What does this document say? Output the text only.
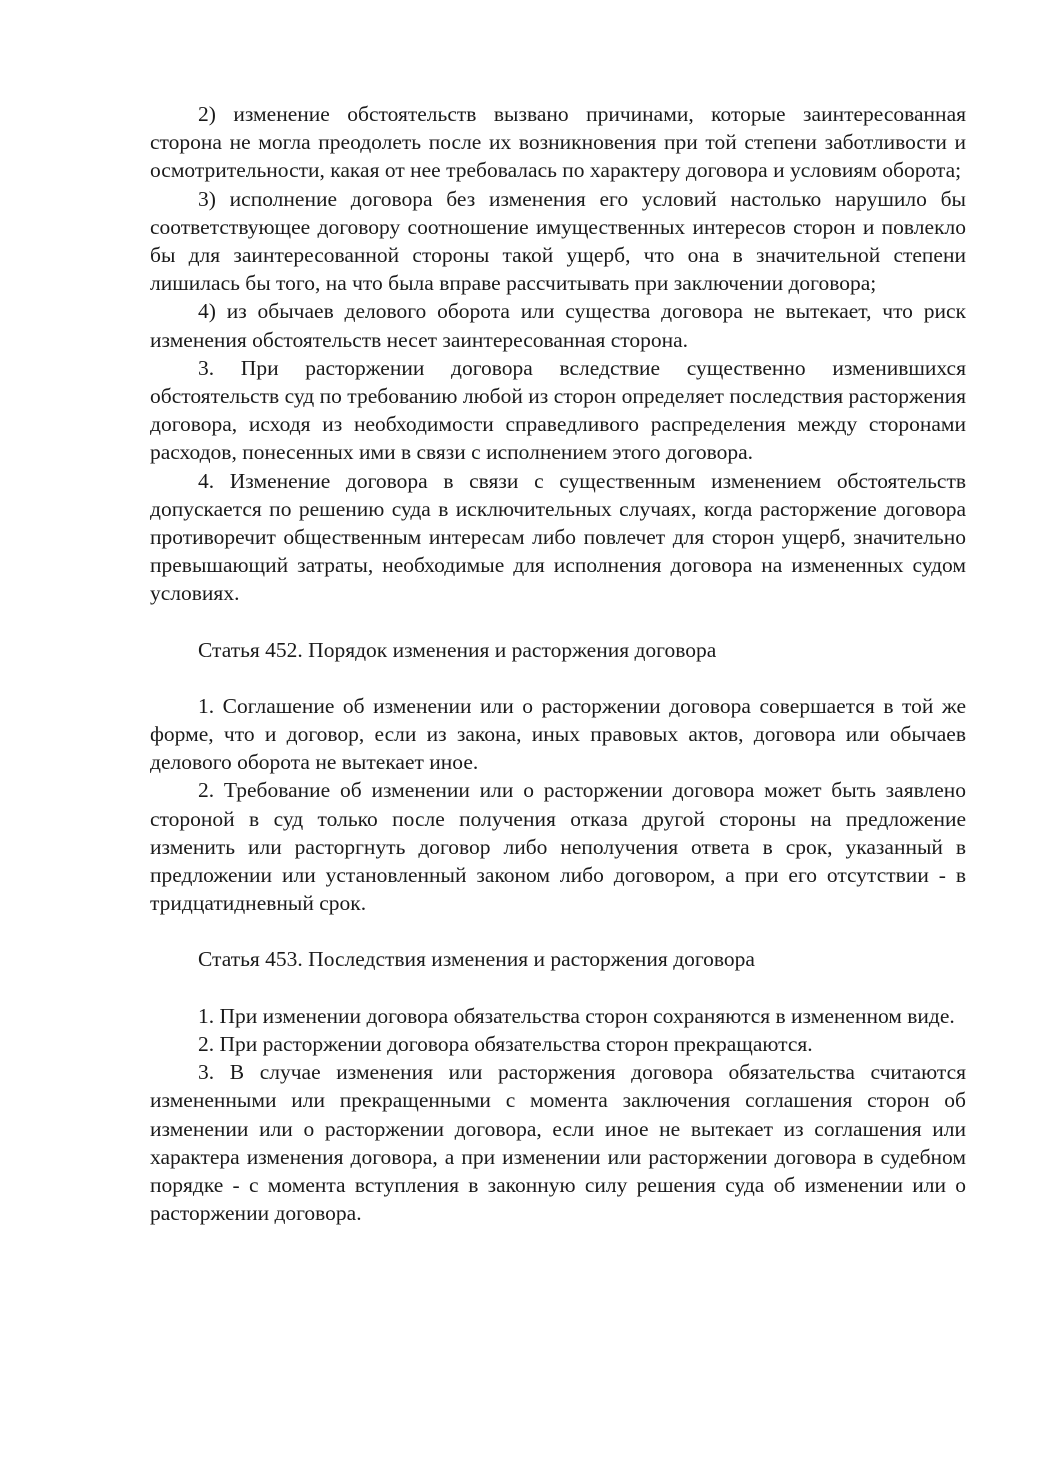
2) изменение обстоятельств вызвано причинами, которые заинтересованная сторона не могла преодолеть после их возникновения при той степени заботливости и осмотрительности, какая от нее требовалась по характеру договора и условиям оборота;

3) исполнение договора без изменения его условий настолько нарушило бы соответствующее договору соотношение имущественных интересов сторон и повлекло бы для заинтересованной стороны такой ущерб, что она в значительной степени лишилась бы того, на что была вправе рассчитывать при заключении договора;

4) из обычаев делового оборота или существа договора не вытекает, что риск изменения обстоятельств несет заинтересованная сторона.

3. При расторжении договора вследствие существенно изменившихся обстоятельств суд по требованию любой из сторон определяет последствия расторжения договора, исходя из необходимости справедливого распределения между сторонами расходов, понесенных ими в связи с исполнением этого договора.

4. Изменение договора в связи с существенным изменением обстоятельств допускается по решению суда в исключительных случаях, когда расторжение договора противоречит общественным интересам либо повлечет для сторон ущерб, значительно превышающий затраты, необходимые для исполнения договора на измененных судом условиях.

Статья 452. Порядок изменения и расторжения договора

1. Соглашение об изменении или о расторжении договора совершается в той же форме, что и договор, если из закона, иных правовых актов, договора или обычаев делового оборота не вытекает иное.

2. Требование об изменении или о расторжении договора может быть заявлено стороной в суд только после получения отказа другой стороны на предложение изменить или расторгнуть договор либо неполучения ответа в срок, указанный в предложении или установленный законом либо договором, а при его отсутствии - в тридцатидневный срок.

Статья 453. Последствия изменения и расторжения договора

1. При изменении договора обязательства сторон сохраняются в измененном виде.

2. При расторжении договора обязательства сторон прекращаются.

3. В случае изменения или расторжения договора обязательства считаются измененными или прекращенными с момента заключения соглашения сторон об изменении или о расторжении договора, если иное не вытекает из соглашения или характера изменения договора, а при изменении или расторжении договора в судебном порядке - с момента вступления в законную силу решения суда об изменении или о расторжении договора.
